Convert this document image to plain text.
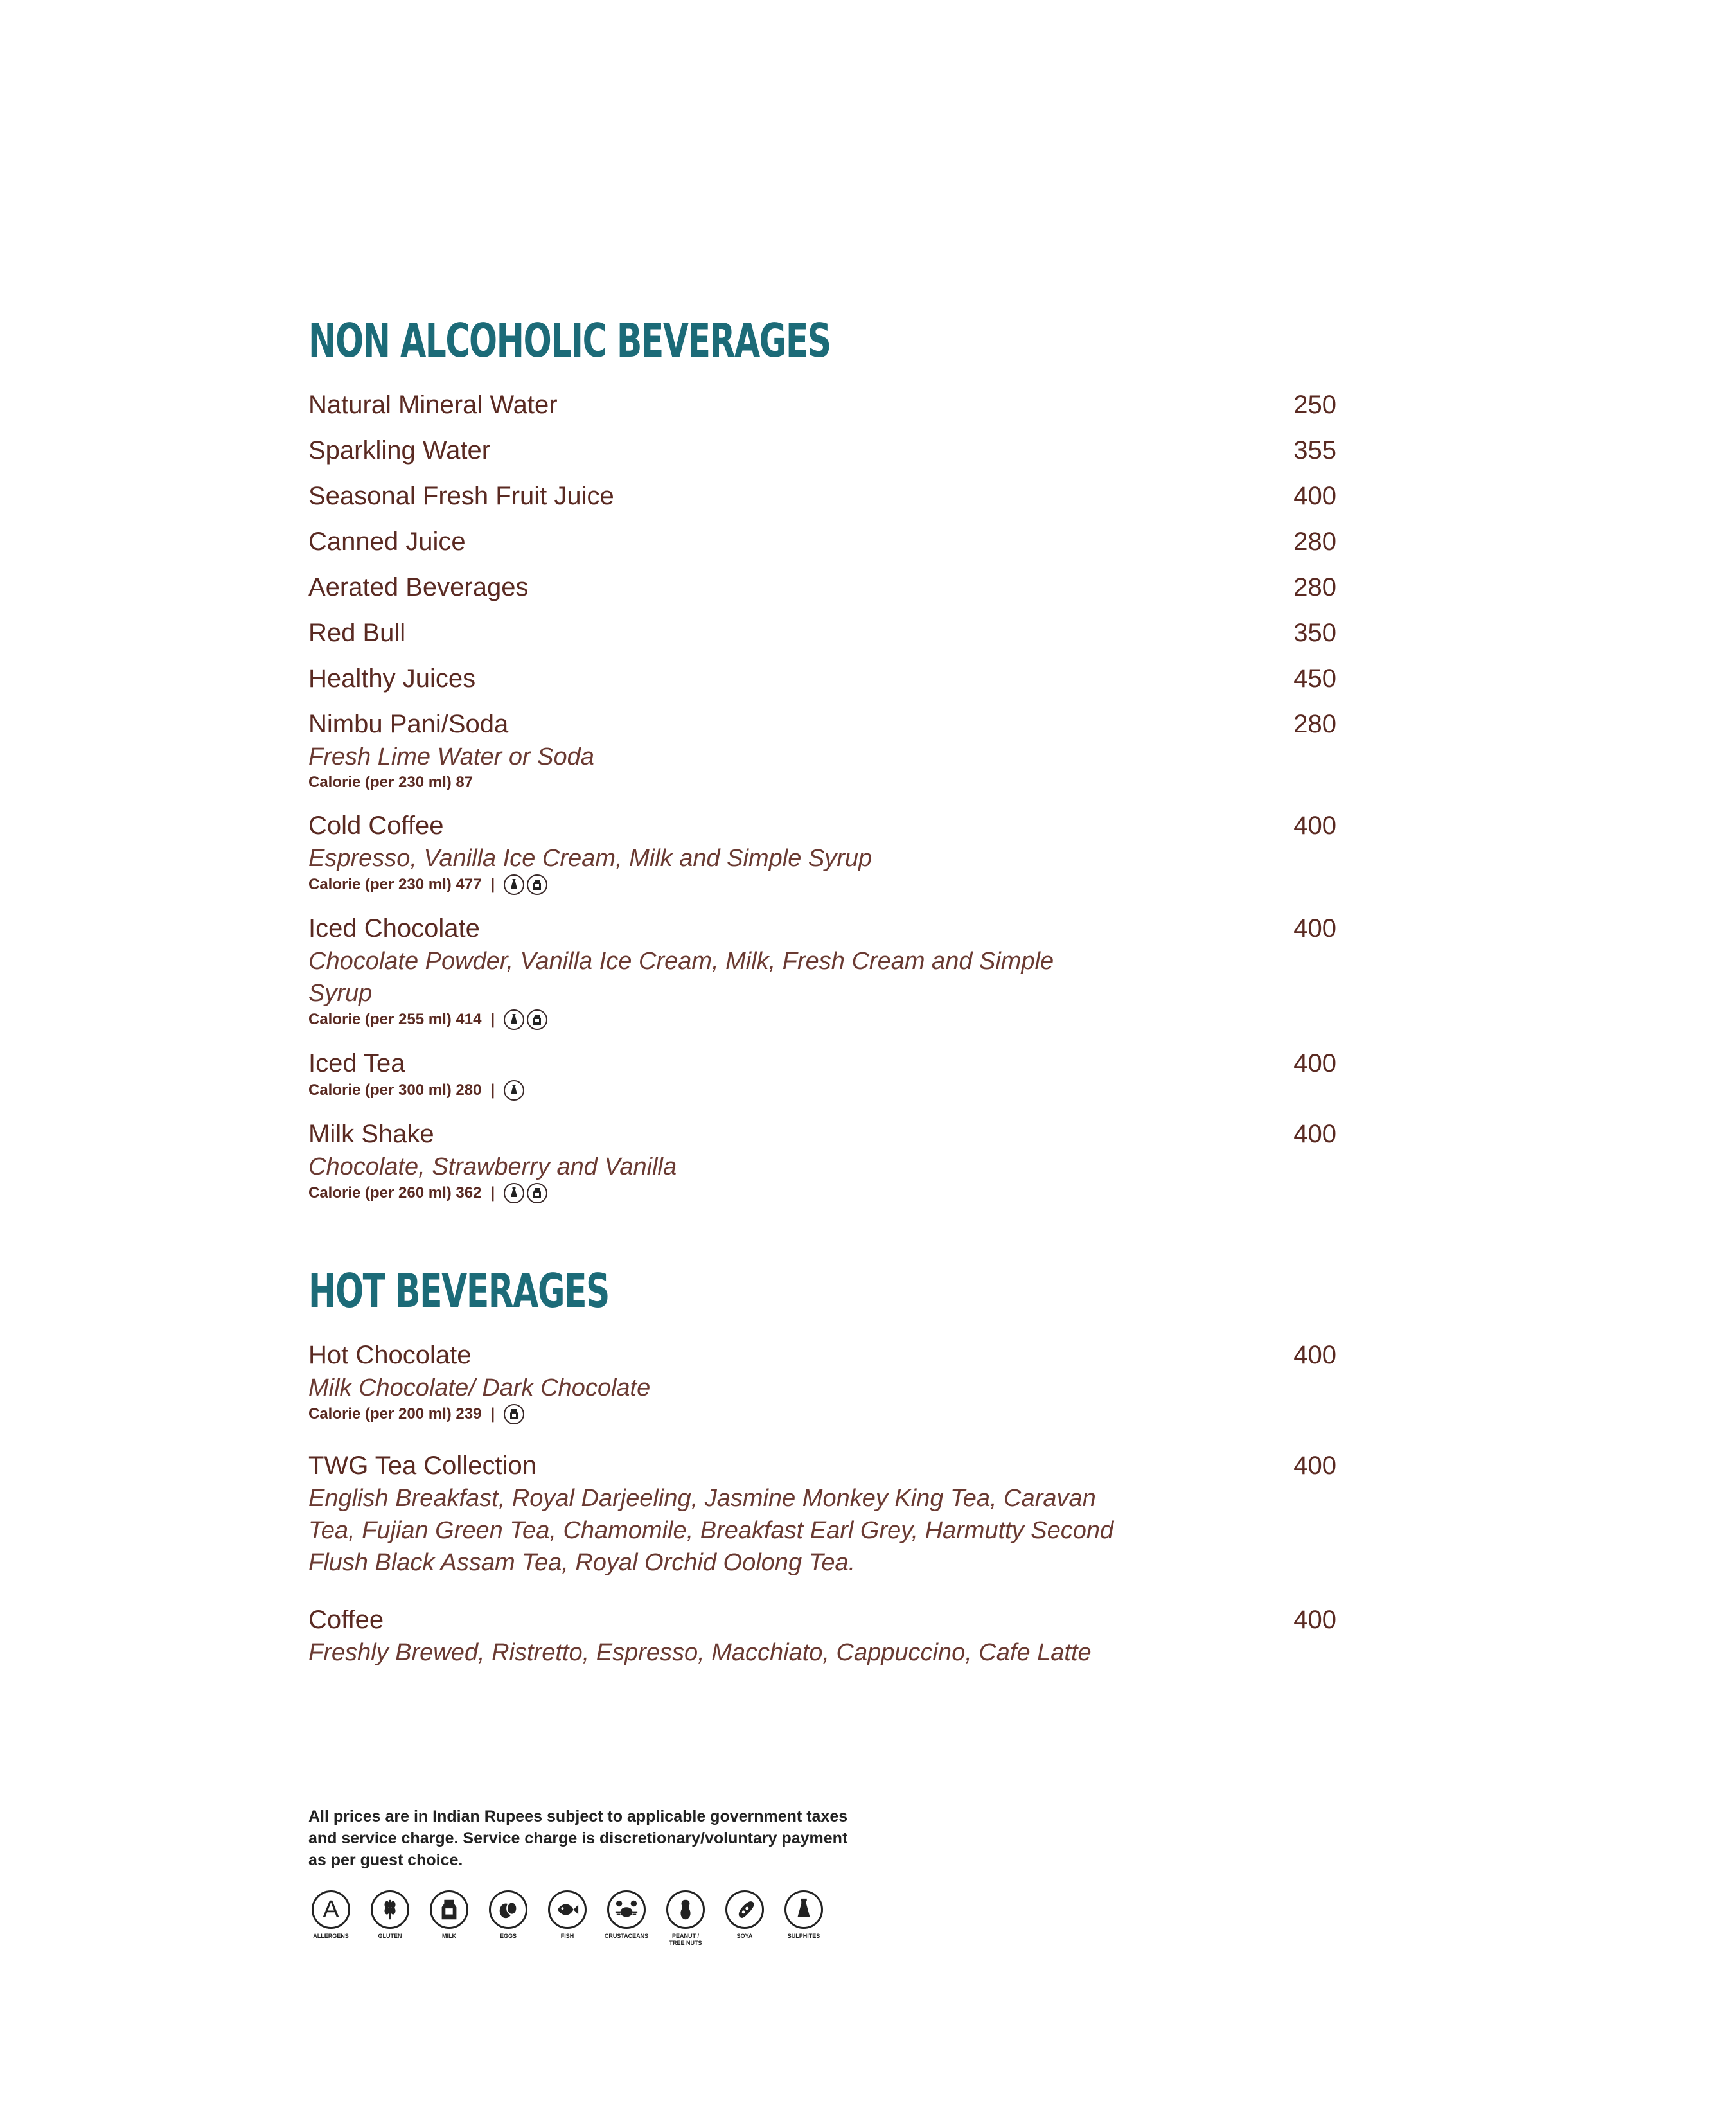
NON ALCOHOLIC BEVERAGES
Natural Mineral Water	250
Sparkling Water	355
Seasonal Fresh Fruit Juice	400
Canned Juice	280
Aerated Beverages	280
Red Bull	350
Healthy Juices	450
Nimbu Pani/Soda	280
Fresh Lime Water or Soda
Calorie (per 230 ml) 87
Cold Coffee	400
Espresso, Vanilla Ice Cream, Milk and Simple Syrup
Calorie (per 230 ml) 477 |
Iced Chocolate	400
Chocolate Powder, Vanilla Ice Cream, Milk, Fresh Cream and Simple Syrup
Calorie (per 255 ml) 414 |
Iced Tea	400
Calorie (per 300 ml) 280 |
Milk Shake	400
Chocolate, Strawberry and Vanilla
Calorie (per 260 ml) 362 |
HOT BEVERAGES
Hot Chocolate	400
Milk Chocolate/ Dark Chocolate
Calorie (per 200 ml) 239 |
TWG Tea Collection	400
English Breakfast, Royal Darjeeling, Jasmine Monkey King Tea, Caravan Tea, Fujian Green Tea, Chamomile, Breakfast Earl Grey, Harmutty Second Flush Black Assam Tea, Royal Orchid Oolong Tea.
Coffee	400
Freshly Brewed, Ristretto, Espresso, Macchiato, Cappuccino, Cafe Latte
All prices are in Indian Rupees subject to applicable government taxes and service charge. Service charge is discretionary/voluntary payment as per guest choice.
A
ALLERGENS	GLUTEN	MILK	EGGS	FISH	CRUSTACEANS	PEANUT /
TREE NUTS
SOYA	SULPHITES
